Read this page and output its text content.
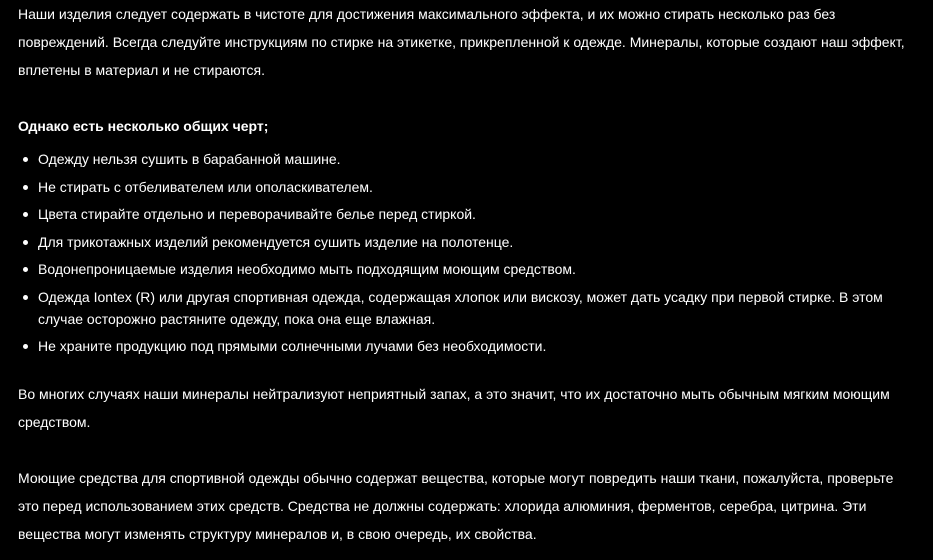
Наши изделия следует содержать в чистоте для достижения максимального эффекта, и их можно стирать несколько раз без повреждений. Всегда следуйте инструкциям по стирке на этикетке, прикрепленной к одежде. Минералы, которые создают наш эффект, вплетены в материал и не стираются.

Однако есть несколько общих черт;

Одежду нельзя сушить в барабанной машине.
Не стирать с отбеливателем или ополаскивателем.
Цвета стирайте отдельно и переворачивайте белье перед стиркой.
Для трикотажных изделий рекомендуется сушить изделие на полотенце.
Водонепроницаемые изделия необходимо мыть подходящим моющим средством.
Одежда Iontex (R) или другая спортивная одежда, содержащая хлопок или вискозу, может дать усадку при первой стирке. В этом случае осторожно растяните одежду, пока она еще влажная.
Не храните продукцию под прямыми солнечными лучами без необходимости.

Во многих случаях наши минералы нейтрализуют неприятный запах, а это значит, что их достаточно мыть обычным мягким моющим средством.

Моющие средства для спортивной одежды обычно содержат вещества, которые могут повредить наши ткани, пожалуйста, проверьте это перед использованием этих средств. Средства не должны содержать: хлорида алюминия, ферментов, серебра, цитрина. Эти вещества могут изменять структуру минералов и, в свою очередь, их свойства.
